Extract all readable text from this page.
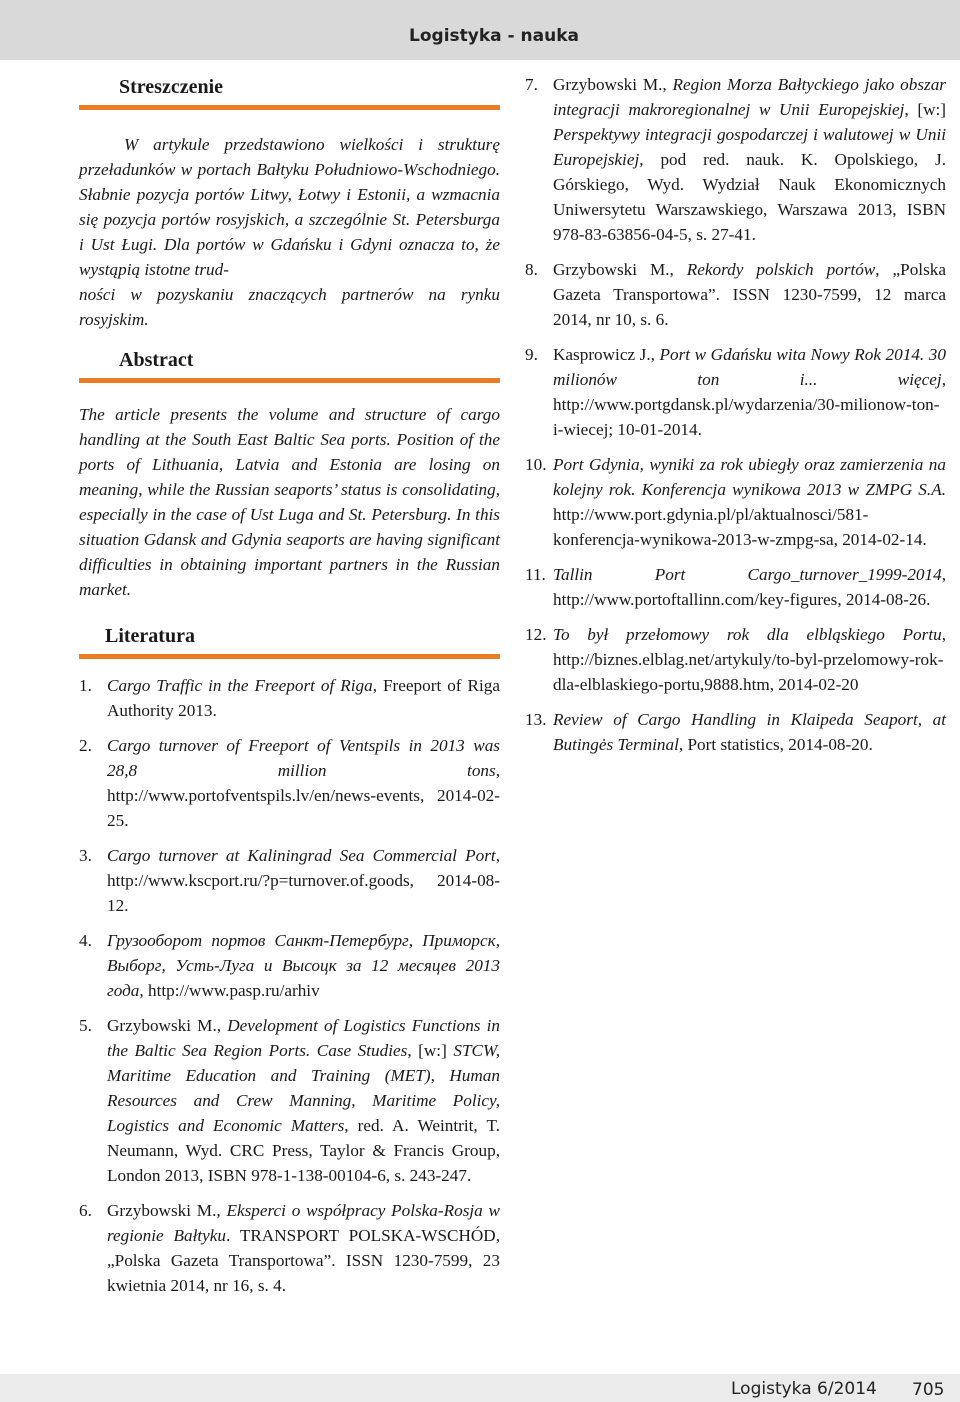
Logistyka - nauka
Streszczenie

W artykule przedstawiono wielkości i strukturę przeładunków w portach Bałtyku Południowo-Wschodniego. Słabnie pozycja portów Litwy, Łotwy i Estonii, a wzmacnia się pozycja portów rosyjskich, a szczególnie St. Petersburga i Ust Ługi. Dla portów w Gdańsku i Gdyni oznacza to, że wystąpią istotne trud-
ności w pozyskaniu znaczących partnerów na rynku rosyjskim.

Abstract

The article presents the volume and structure of cargo handling at the South East Baltic Sea ports. Position of the ports of Lithuania, Latvia and Estonia are losing on meaning, while the Russian seaports’ status is consolidating, especially in the case of Ust Luga and St. Petersburg. In this situation Gdansk and Gdynia seaports are having significant difficulties in obtaining important partners in the Russian market.

Literatura
1. Cargo Traffic in the Freeport of Riga, Freeport of Riga Authority 2013.
2. Cargo turnover of Freeport of Ventspils in 2013 was 28,8 million tons, http://www.portofventspils.lv/en/news-events, 2014-02-25.
3. Cargo turnover at Kaliningrad Sea Commercial Port, http://www.kscport.ru/?p=turnover.of.goods, 2014-08-12.
4. Грузооборот портов Санкт-Петербург, Приморск, Выборг, Усть-Луга и Высоцк за 12 месяцев 2013 года, http://www.pasp.ru/arhiv
5. Grzybowski M., Development of Logistics Functions in the Baltic Sea Region Ports. Case Studies, [w:] STCW, Maritime Education and Training (MET), Human Resources and Crew Manning, Maritime Policy, Logistics and Economic Matters, red. A. Weintrit, T. Neumann, Wyd. CRC Press, Taylor & Francis Group, London 2013, ISBN 978-1-138-00104-6, s. 243-247.
6. Grzybowski M., Eksperci o współpracy Polska-Rosja w regionie Bałtyku. TRANSPORT POLSKA-WSCHÓD, „Polska Gazeta Transportowa”. ISSN 1230-7599, 23 kwietnia 2014, nr 16, s. 4.
7. Grzybowski M., Region Morza Bałtyckiego jako obszar integracji makroregionalnej w Unii Europejskiej, [w:] Perspektywy integracji gospodarczej i walutowej w Unii Europejskiej, pod red. nauk. K. Opolskiego, J. Górskiego, Wyd. Wydział Nauk Ekonomicznych Uniwersytetu Warszawskiego, Warszawa 2013, ISBN 978-83-63856-04-5, s. 27-41.
8. Grzybowski M., Rekordy polskich portów, „Polska Gazeta Transportowa”. ISSN 1230-7599, 12 marca 2014, nr 10, s. 6.
9. Kasprowicz J., Port w Gdańsku wita Nowy Rok 2014. 30 milionów ton i... więcej, http://www.portgdansk.pl/wydarzenia/30-milionow-ton-i-wiecej; 10-01-2014.
10. Port Gdynia, wyniki za rok ubiegły oraz zamierzenia na kolejny rok. Konferencja wynikowa 2013 w ZMPG S.A. http://www.port.gdynia.pl/pl/aktualnosci/581-konferencja-wynikowa-2013-w-zmpg-sa, 2014-02-14.
11. Tallin Port Cargo_turnover_1999-2014, http://www.portoftallinn.com/key-figures, 2014-08-26.
12. To był przełomowy rok dla elbląskiego Portu, http://biznes.elblag.net/artykuly/to-byl-przelomowy-rok-dla-elblaskiego-portu,9888.htm, 2014-02-20
13. Review of Cargo Handling in Klaipeda Seaport, at Butingės Terminal, Port statistics, 2014-08-20.
Logistyka 6/2014 705
